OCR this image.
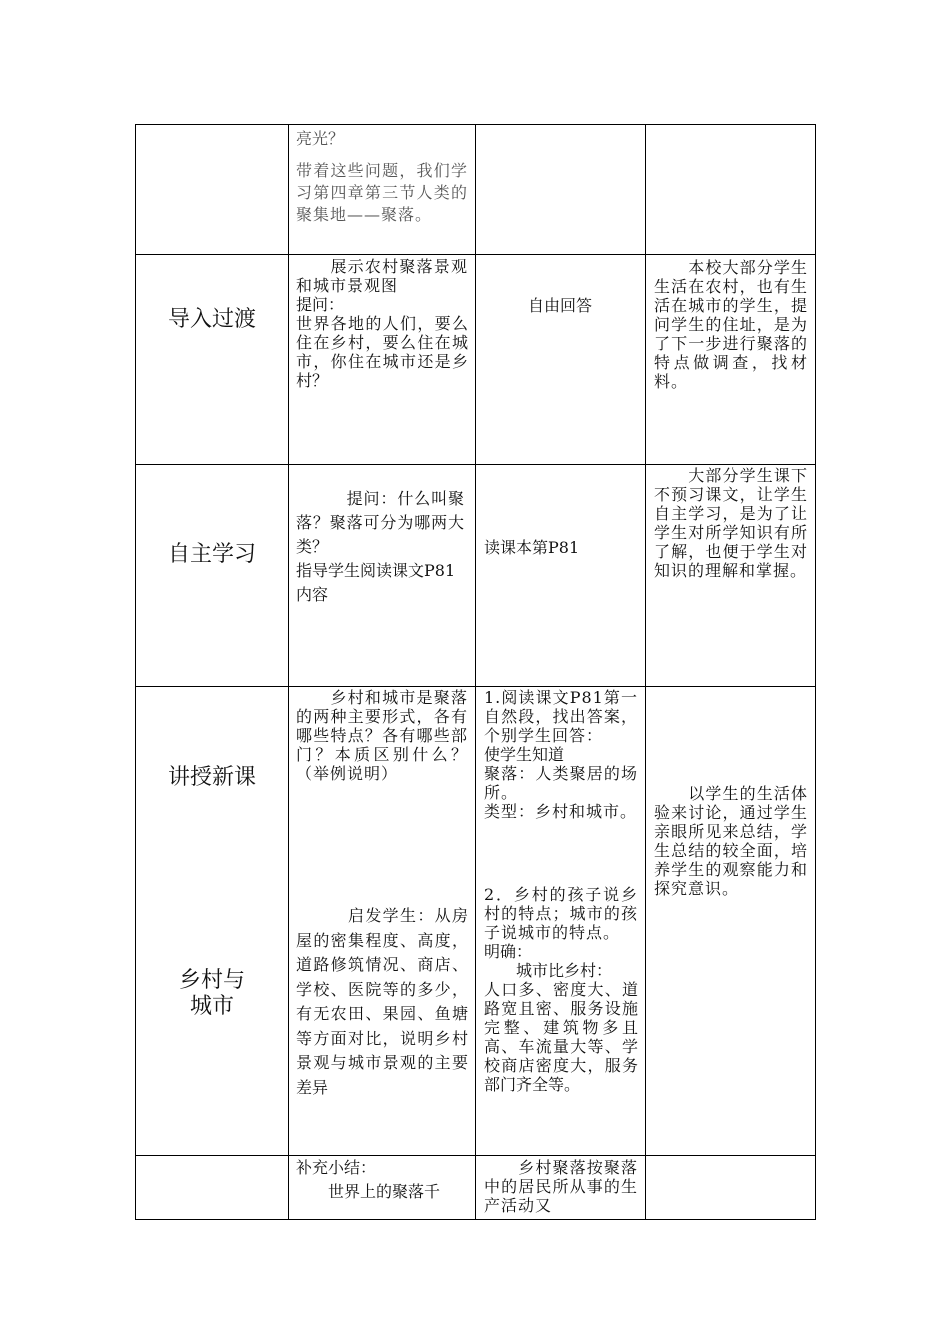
亮光？
带着这些问题，我们学习第四章第三节人类的聚集地——聚落。
导入过渡
　　展示农村聚落景观和城市景观图
提问：
世界各地的人们，要么住在乡村，要么住在城市，你住在城市还是乡村？
自由回答
　　本校大部分学生生活在农村，也有生活在城市的学生，提问学生的住址，是为了下一步进行聚落的特点做调查，找材料。
自主学习
　　　提问：什么叫聚落？聚落可分为哪两大类？
指导学生阅读课文P81内容
读课本第P81
　　大部分学生课下不预习课文，让学生自主学习，是为了让学生对所学知识有所了解，也便于学生对知识的理解和掌握。
讲授新课
乡村与
城市
　　乡村和城市是聚落的两种主要形式，各有哪些特点？各有哪些部门？本质区别什么？（举例说明）
　　　启发学生：从房屋的密集程度、高度，道路修筑情况、商店、学校、医院等的多少，有无农田、果园、鱼塘等方面对比，说明乡村景观与城市景观的主要差异
1.阅读课文P81第一自然段，找出答案，个别学生回答：
使学生知道
聚落：人类聚居的场所。
类型：乡村和城市。
2．乡村的孩子说乡村的特点；城市的孩子说城市的特点。
明确：
　　城市比乡村：
人口多、密度大、道路宽且密、服务设施完整、建筑物多且高、车流量大等、学校商店密度大，服务部门齐全等。
　　以学生的生活体验来讨论，通过学生亲眼所见来总结，学生总结的较全面，培养学生的观察能力和探究意识。
补充小结：
　　世界上的聚落千
　　乡村聚落按聚落中的居民所从事的生产活动又
